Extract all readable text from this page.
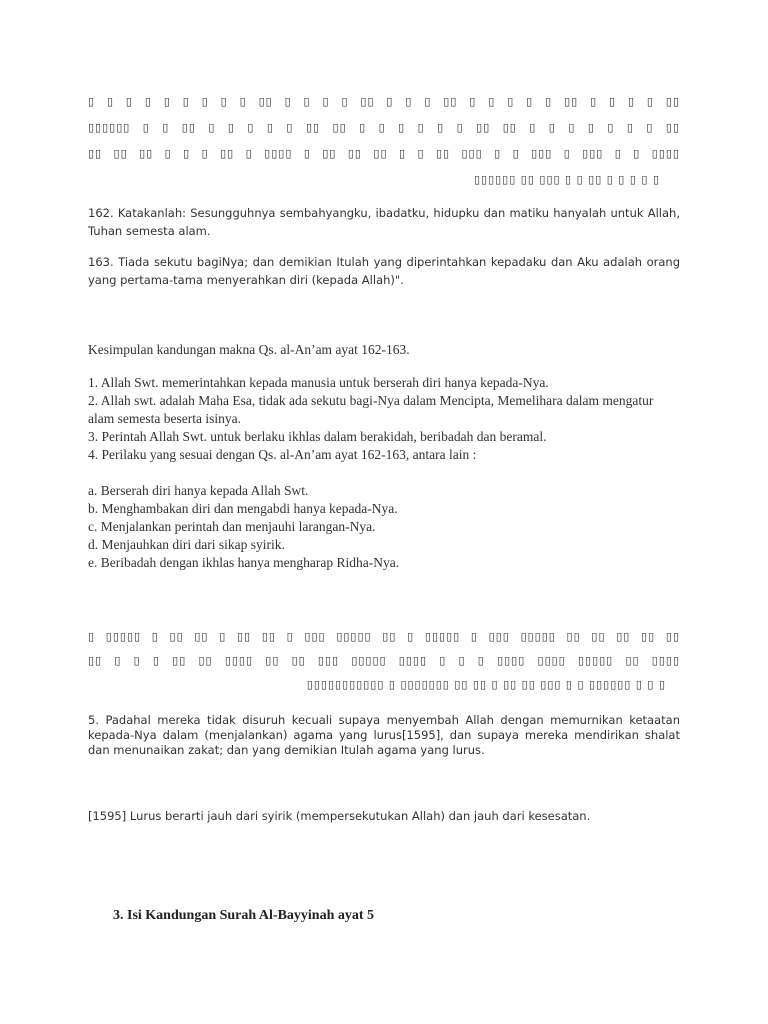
▯ ▯ ▯ ▯ ▯ ▯ ▯ ▯ ▯ ▯▯ ▯ ▯ ▯ ▯ ▯▯ ▯ ▯ ▯ ▯▯ ▯ ▯ ▯ ▯ ▯ ▯▯ ▯ ▯ ▯ ▯ ▯▯
▯▯▯▯▯▯ ▯ ▯ ▯▯ ▯ ▯ ▯ ▯ ▯ ▯▯ ▯▯ ▯ ▯ ▯ ▯ ▯ ▯ ▯▯ ▯▯ ▯ ▯ ▯ ▯ ▯ ▯ ▯ ▯▯
▯▯ ▯▯ ▯▯ ▯ ▯ ▯ ▯▯ ▯ ▯▯▯▯ ▯ ▯▯ ▯▯ ▯▯ ▯ ▯ ▯▯ ▯▯▯ ▯ ▯ ▯▯▯ ▯ ▯▯▯ ▯ ▯ ▯▯▯▯
▯▯▯▯▯▯ ▯▯ ▯▯▯ ▯ ▯ ▯▯ ▯ ▯ ▯ ▯ ▯
162. Katakanlah: Sesungguhnya sembahyangku, ibadatku, hidupku dan matiku hanyalah untuk Allah, Tuhan semesta alam.
163. Tiada sekutu bagiNya; dan demikian Itulah yang diperintahkan kepadaku dan Aku adalah orang yang pertama-tama menyerahkan diri (kepada Allah)".
Kesimpulan kandungan makna Qs. al-An’am ayat 162-163.
1. Allah Swt. memerintahkan kepada manusia untuk berserah diri hanya kepada-Nya.
2. Allah swt. adalah Maha Esa, tidak ada sekutu bagi-Nya dalam Mencipta, Memelihara dalam mengatur alam semesta beserta isinya.
3. Perintah Allah Swt. untuk berlaku ikhlas dalam berakidah, beribadah dan beramal.
4. Perilaku yang sesuai dengan Qs. al-An’am ayat 162-163, antara lain :
a. Berserah diri hanya kepada Allah Swt.
b. Menghambakan diri dan mengabdi hanya kepada-Nya.
c. Menjalankan perintah dan menjauhi larangan-Nya.
d. Menjauhkan diri dari sikap syirik.
e. Beribadah dengan ikhlas hanya mengharap Ridha-Nya.
▯ ▯▯▯▯▯ ▯ ▯▯ ▯▯ ▯ ▯▯ ▯▯ ▯ ▯▯▯ ▯▯▯▯▯ ▯▯ ▯ ▯▯▯▯▯ ▯ ▯▯▯ ▯▯▯▯▯ ▯▯ ▯▯ ▯▯ ▯▯ ▯▯
▯▯ ▯ ▯ ▯ ▯▯ ▯▯ ▯▯▯▯ ▯▯ ▯▯ ▯▯▯ ▯▯▯▯▯ ▯▯▯▯ ▯ ▯ ▯ ▯▯▯▯ ▯▯▯▯ ▯▯▯▯▯ ▯▯ ▯▯▯▯
▯▯▯▯▯▯▯▯▯▯▯ ▯ ▯▯▯▯▯▯▯ ▯▯ ▯▯ ▯ ▯▯ ▯▯ ▯▯▯ ▯ ▯ ▯▯▯▯▯▯ ▯ ▯ ▯
5. Padahal mereka tidak disuruh kecuali supaya menyembah Allah dengan memurnikan ketaatan kepada-Nya dalam (menjalankan) agama yang lurus[1595], dan supaya mereka mendirikan shalat dan menunaikan zakat; dan yang demikian Itulah agama yang lurus.
[1595] Lurus berarti jauh dari syirik (mempersekutukan Allah) dan jauh dari kesesatan.
3. Isi Kandungan Surah Al-Bayyinah ayat 5
